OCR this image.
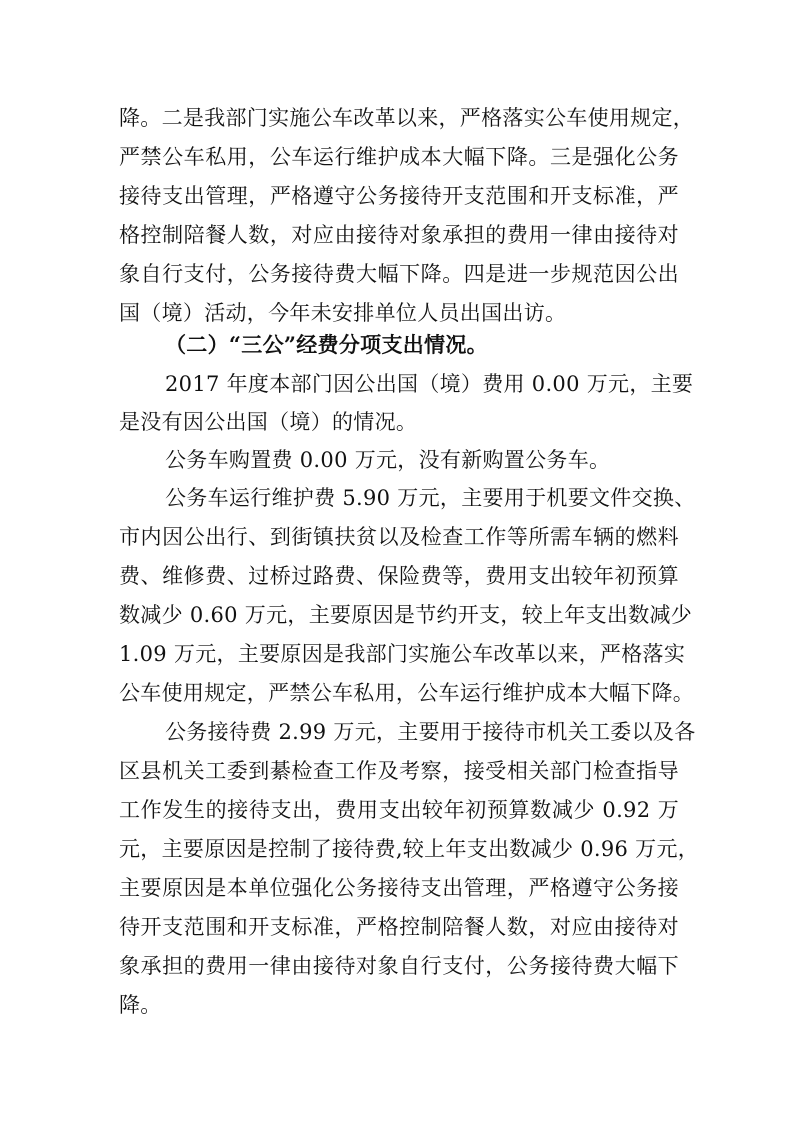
降。二是我部门实施公车改革以来，严格落实公车使用规定，
严禁公车私用，公车运行维护成本大幅下降。三是强化公务
接待支出管理，严格遵守公务接待开支范围和开支标准，严
格控制陪餐人数，对应由接待对象承担的费用一律由接待对
象自行支付，公务接待费大幅下降。四是进一步规范因公出
国（境）活动，今年未安排单位人员出国出访。
（二）“三公”经费分项支出情况。
2017 年度本部门因公出国（境）费用 0.00 万元，主要
是没有因公出国（境）的情况。
公务车购置费 0.00 万元，没有新购置公务车。
公务车运行维护费 5.90 万元，主要用于机要文件交换、
市内因公出行、到街镇扶贫以及检查工作等所需车辆的燃料
费、维修费、过桥过路费、保险费等，费用支出较年初预算
数减少 0.60 万元，主要原因是节约开支，较上年支出数减少
1.09 万元，主要原因是我部门实施公车改革以来，严格落实
公车使用规定，严禁公车私用，公车运行维护成本大幅下降。
公务接待费 2.99 万元，主要用于接待市机关工委以及各
区县机关工委到綦检查工作及考察，接受相关部门检查指导
工作发生的接待支出，费用支出较年初预算数减少 0.92 万
元，主要原因是控制了接待费,较上年支出数减少 0.96 万元，
主要原因是本单位强化公务接待支出管理，严格遵守公务接
待开支范围和开支标准，严格控制陪餐人数，对应由接待对
象承担的费用一律由接待对象自行支付，公务接待费大幅下
降。
